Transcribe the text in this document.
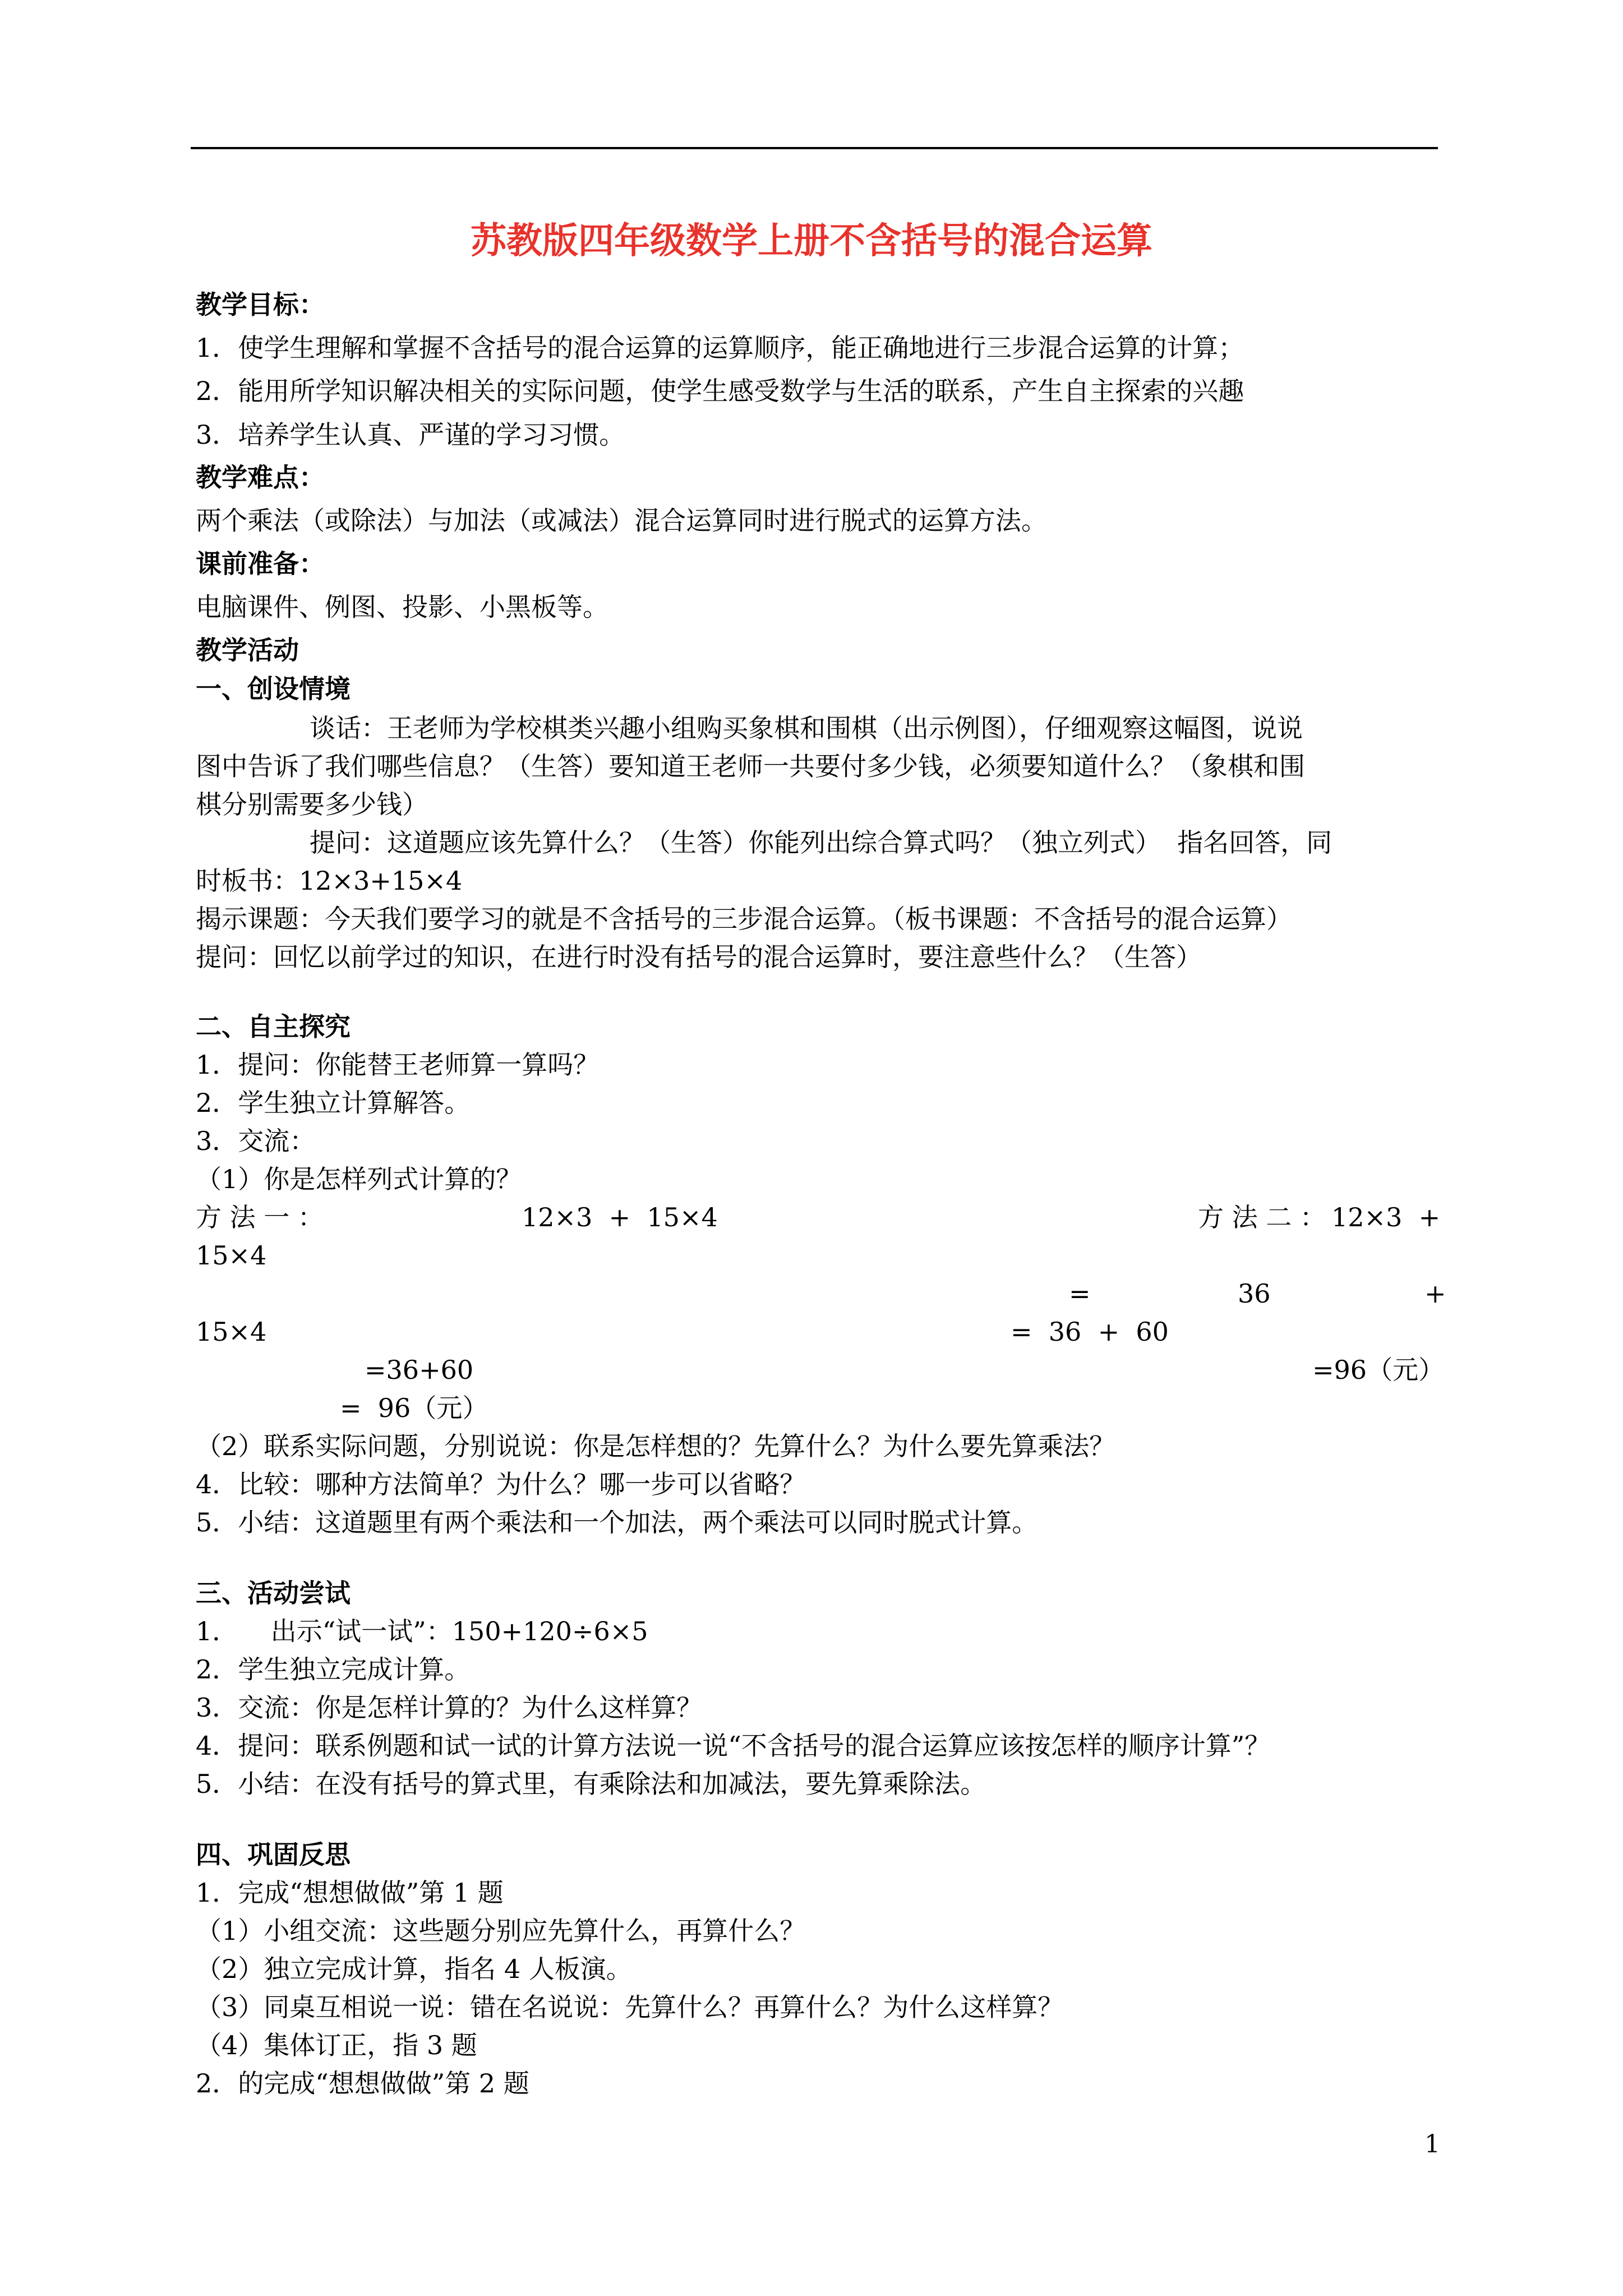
苏教版四年级数学上册不含括号的混合运算
教学目标：
1．使学生理解和掌握不含括号的混合运算的运算顺序，能正确地进行三步混合运算的计算；
2．能用所学知识解决相关的实际问题，使学生感受数学与生活的联系，产生自主探索的兴趣
3．培养学生认真、严谨的学习习惯。
教学难点：
两个乘法（或除法）与加法（或减法）混合运算同时进行脱式的运算方法。
课前准备：
电脑课件、例图、投影、小黑板等。
教学活动
一、创设情境
谈话：王老师为学校棋类兴趣小组购买象棋和围棋（出示例图），仔细观察这幅图，说说
图中告诉了我们哪些信息？（生答）要知道王老师一共要付多少钱，必须要知道什么？（象棋和围
棋分别需要多少钱）
提问：这道题应该先算什么？（生答）你能列出综合算式吗？（独立列式）  指名回答，同
时板书：12×3+15×4
揭示课题：今天我们要学习的就是不含括号的三步混合运算。（板书课题：不含括号的混合运算）
提问：回忆以前学过的知识，在进行时没有括号的混合运算时，要注意些什么？（生答）
二、自主探究
1．提问：你能替王老师算一算吗？
2．学生独立计算解答。
3．交流：
（1）你是怎样列式计算的？
方 法 一 ：	12×3  +  15×4	方 法 二 ： 12×3  +
15×4
=	36	+
15×4	=  36  +  60
=36+60	=96（元）
=  96（元）
（2）联系实际问题，分别说说：你是怎样想的？先算什么？为什么要先算乘法？
4．比较：哪种方法简单？为什么？哪一步可以省略？
5．小结：这道题里有两个乘法和一个加法，两个乘法可以同时脱式计算。
三、活动尝试
1．    出示“试一试”：150+120÷6×5
2．学生独立完成计算。
3．交流：你是怎样计算的？为什么这样算？
4．提问：联系例题和试一试的计算方法说一说“不含括号的混合运算应该按怎样的顺序计算”？
5．小结：在没有括号的算式里，有乘除法和加减法，要先算乘除法。
四、巩固反思
1．完成“想想做做”第 1 题
（1）小组交流：这些题分别应先算什么，再算什么？
（2）独立完成计算，指名 4 人板演。
（3）同桌互相说一说：错在名说说：先算什么？再算什么？为什么这样算？
（4）集体订正，指 3 题
2．的完成“想想做做”第 2 题
1
